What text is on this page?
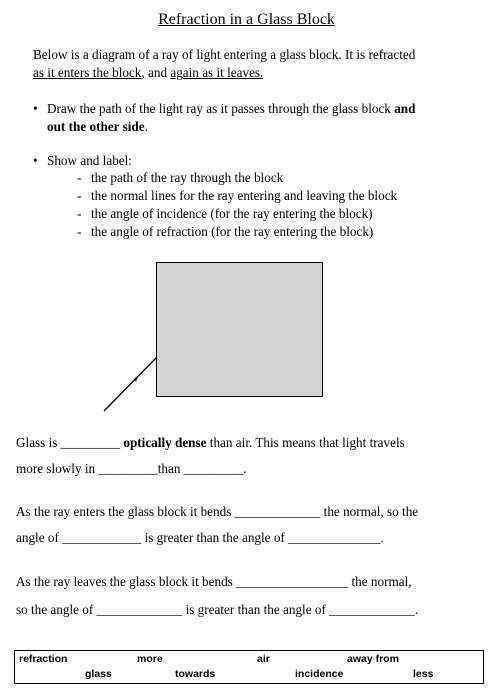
Refraction in a Glass Block
Below is a diagram of a ray of light entering a glass block. It is refracted
as it enters the block, and again as it leaves.
• Draw the path of the light ray as it passes through the glass block and
out the other side.
• Show and label:
- the path of the ray through the block
- the normal lines for the ray entering and leaving the block
- the angle of incidence (for the ray entering the block)
- the angle of refraction (for the ray entering the block)
Glass is _________ optically dense than air. This means that light travels
more slowly in _________than _________.
As the ray enters the glass block it bends _____________ the normal, so the
angle of ____________ is greater than the angle of ______________.
As the ray leaves the glass block it bends _________________ the normal,
so the angle of _____________ is greater than the angle of _____________.
refraction	more	air	away from
glass	towards	incidence	less
